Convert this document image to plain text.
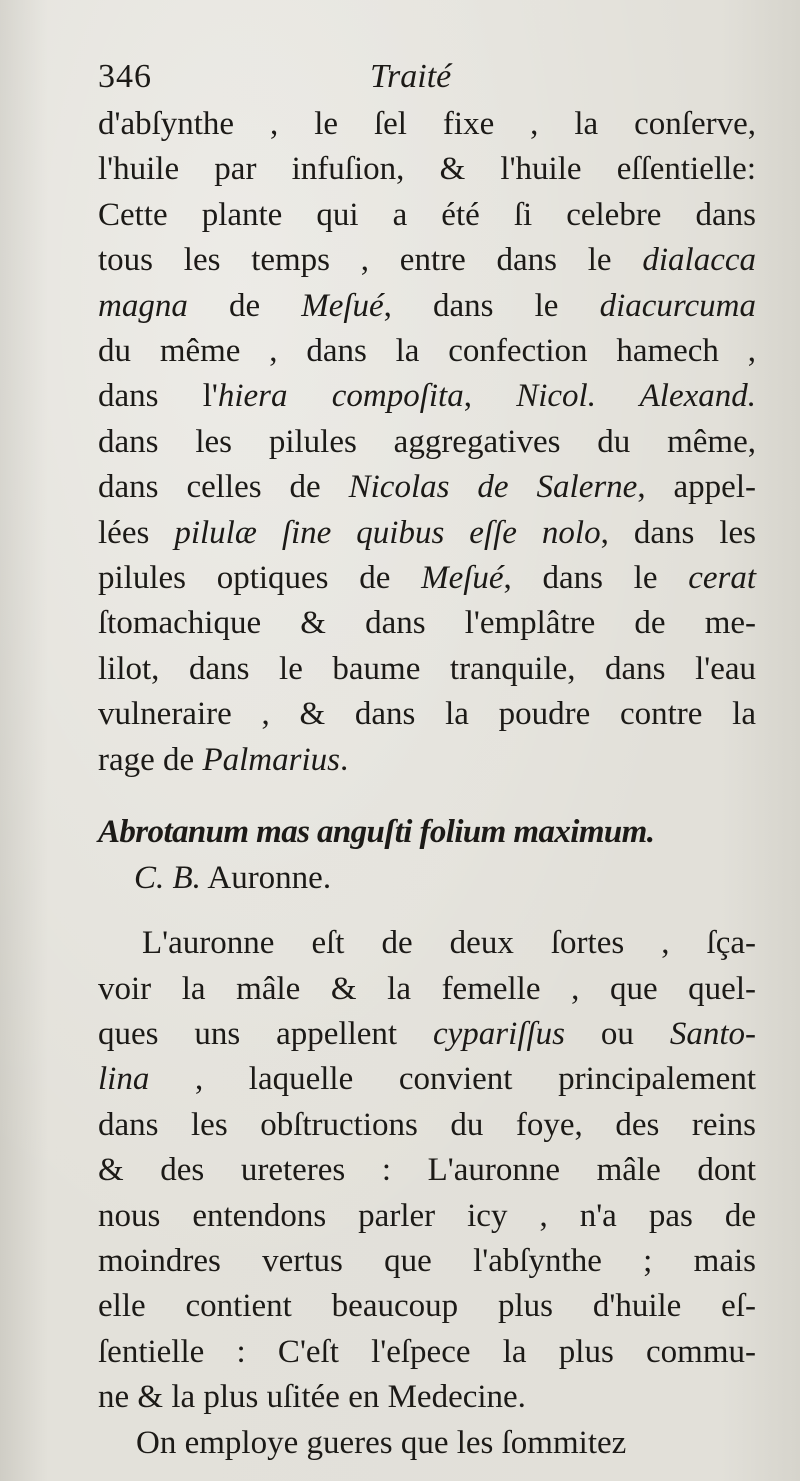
346	Traité
d'abſynthe , le ſel fixe , la conſerve,
l'huile par infuſion, & l'huile eſſentielle:
Cette plante qui a été ſi celebre dans
tous les temps , entre dans le dialacca
magna de Meſué, dans le diacurcuma
du même , dans la confection hamech ,
dans l'hiera compoſita, Nicol. Alexand.
dans les pilules aggregatives du même,
dans celles de Nicolas de Salerne, appel-
lées pilulæ ſine quibus eſſe nolo, dans les
pilules optiques de Meſué, dans le cerat
ſtomachique & dans l'emplâtre de me-
lilot, dans le baume tranquile, dans l'eau
vulneraire , & dans la poudre contre la
rage de Palmarius.
Abrotanum mas anguſti folium maximum.
C. B. Auronne.
L'auronne eſt de deux ſortes , ſça-
voir la mâle & la femelle , que quel-
ques uns appellent cypariſſus ou Santo-
lina , laquelle convient principalement
dans les obſtructions du foye, des reins
& des ureteres : L'auronne mâle dont
nous entendons parler icy , n'a pas de
moindres vertus que l'abſynthe ; mais
elle contient beaucoup plus d'huile eſ-
ſentielle : C'eſt l'eſpece la plus commu-
ne & la plus uſitée en Medecine.
On employe gueres que les ſommitez
